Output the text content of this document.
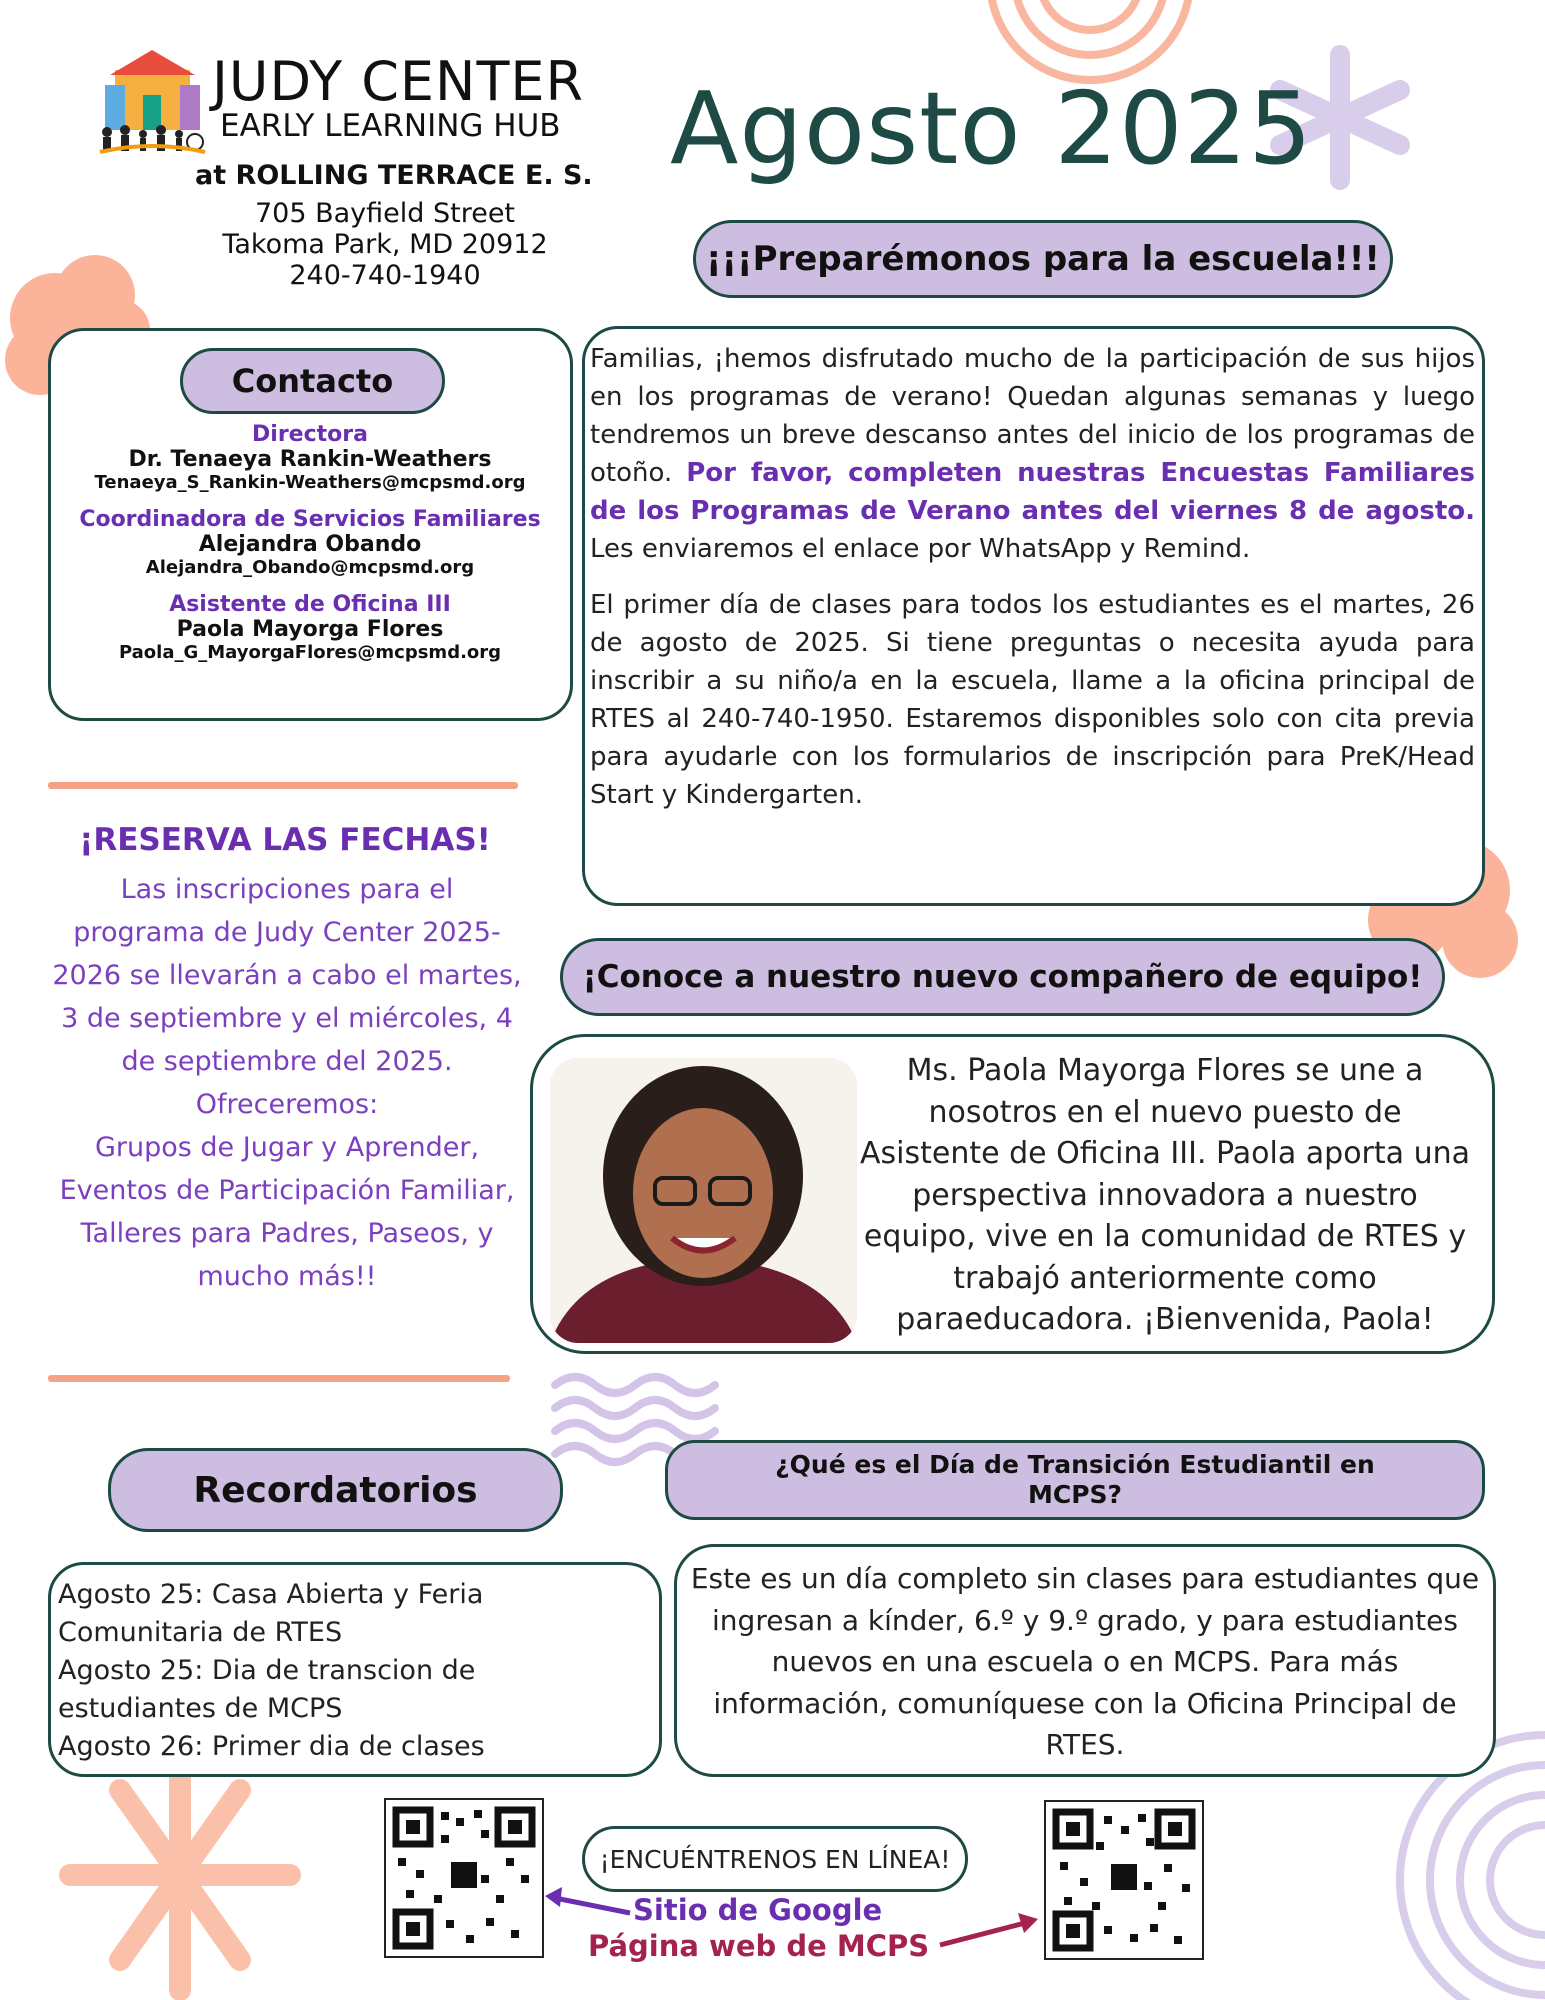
JUDY CENTER
EARLY LEARNING HUB
at ROLLING TERRACE E. S.
705 Bayfield Street
Takoma Park, MD 20912
240-740-1940
Agosto 2025
Contacto
Directora
Dr. Tenaeya Rankin-Weathers
Tenaeya_S_Rankin-Weathers@mcpsmd.org
Coordinadora de Servicios Familiares
Alejandra Obando
Alejandra_Obando@mcpsmd.org
Asistente de Oficina III
Paola Mayorga Flores
Paola_G_MayorgaFlores@mcpsmd.org
¡RESERVA LAS FECHAS!
Las inscripciones para el programa de Judy Center 2025-2026 se llevarán a cabo el martes, 3 de septiembre y el miércoles, 4 de septiembre del 2025. Ofreceremos:
Grupos de Jugar y Aprender, Eventos de Participación Familiar, Talleres para Padres, Paseos, y mucho más!!
¡¡¡Preparémonos para la escuela!!!

Familias, ¡hemos disfrutado mucho de la participación de sus hijos en los programas de verano! Quedan algunas semanas y luego tendremos un breve descanso antes del inicio de los programas de otoño. Por favor, completen nuestras Encuestas Familiares de los Programas de Verano antes del viernes 8 de agosto. Les enviaremos el enlace por WhatsApp y Remind.

El primer día de clases para todos los estudiantes es el martes, 26 de agosto de 2025. Si tiene preguntas o necesita ayuda para inscribir a su niño/a en la escuela, llame a la oficina principal de RTES al 240-740-1950. Estaremos disponibles solo con cita previa para ayudarle con los formularios de inscripción para PreK/Head Start y Kindergarten.

¡Conoce a nuestro nuevo compañero de equipo!
Ms. Paola Mayorga Flores se une a nosotros en el nuevo puesto de Asistente de Oficina III. Paola aporta una perspectiva innovadora a nuestro equipo, vive en la comunidad de RTES y trabajó anteriormente como paraeducadora. ¡Bienvenida, Paola!
Recordatorios
Agosto 25: Casa Abierta y Feria Comunitaria de RTES
Agosto 25: Dia de transcion de estudiantes de MCPS
Agosto 26: Primer dia de clases
¿Qué es el Día de Transición Estudiantil en MCPS?
Este es un día completo sin clases para estudiantes que ingresan a kínder, 6.º y 9.º grado, y para estudiantes nuevos en una escuela o en MCPS. Para más información, comuníquese con la Oficina Principal de RTES.
¡ENCUÉNTRENOS EN LÍNEA!
Sitio de Google
Página web de MCPS
